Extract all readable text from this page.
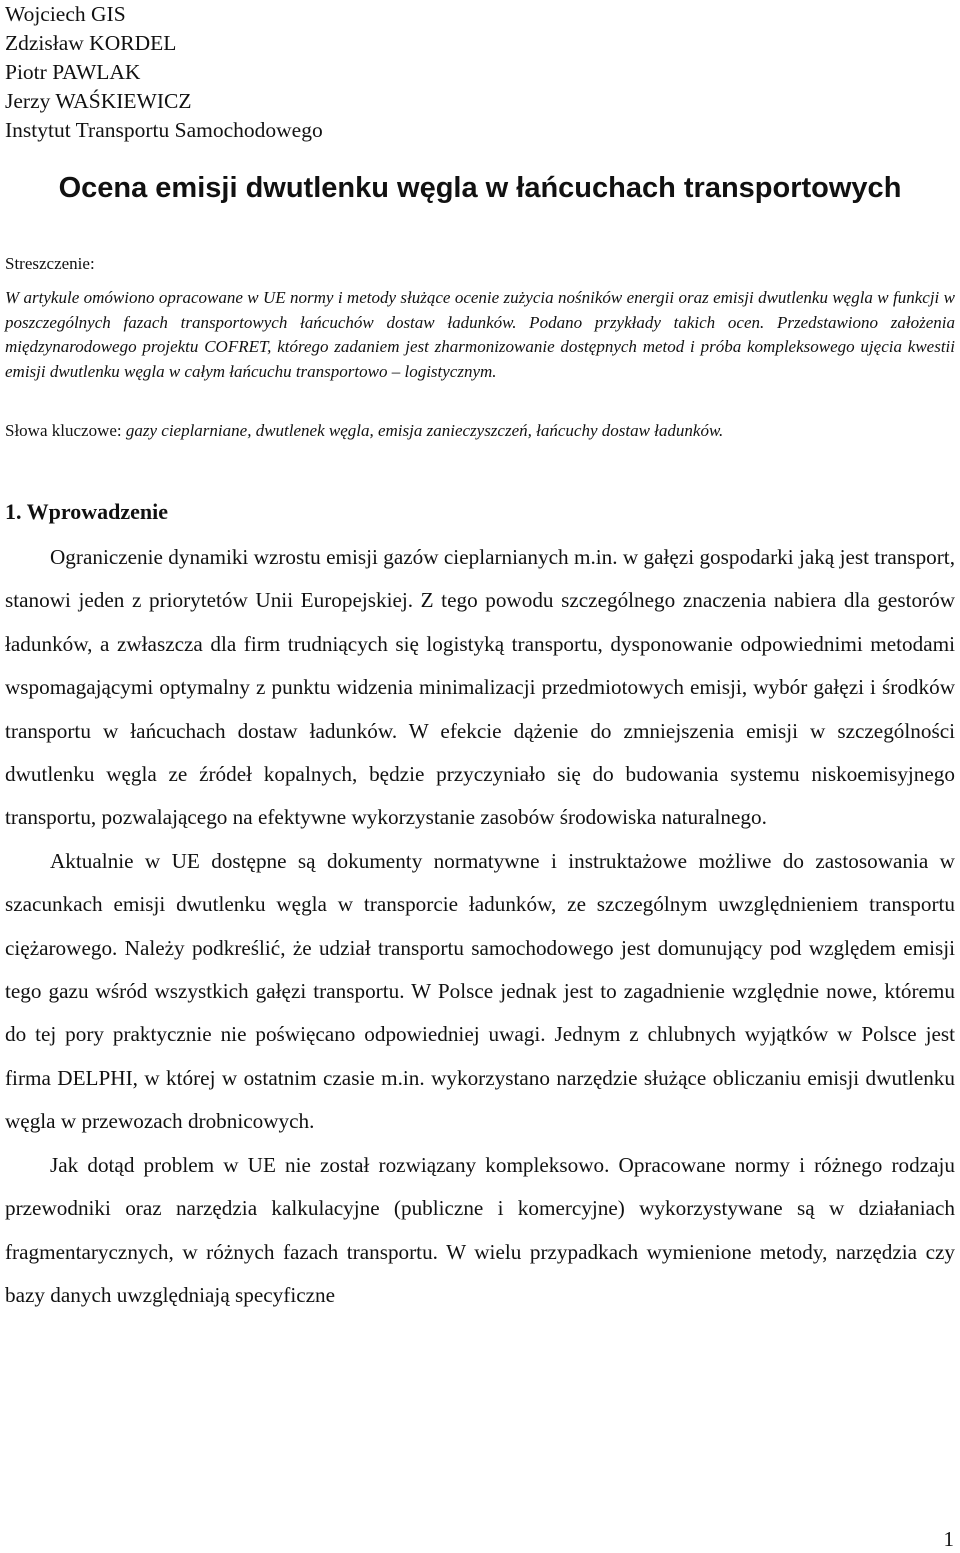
Wojciech GIS
Zdzisław KORDEL
Piotr PAWLAK
Jerzy WAŚKIEWICZ
Instytut Transportu Samochodowego
Ocena emisji dwutlenku węgla w łańcuchach transportowych
Streszczenie:

W artykule omówiono opracowane w UE normy i metody służące ocenie zużycia nośników energii oraz emisji dwutlenku węgla w funkcji w poszczególnych fazach transportowych łańcuchów dostaw ładunków. Podano przykłady takich ocen. Przedstawiono założenia międzynarodowego projektu COFRET, którego zadaniem jest zharmonizowanie dostępnych metod i próba kompleksowego ujęcia kwestii emisji dwutlenku węgla w całym łańcuchu transportowo – logistycznym.

Słowa kluczowe: gazy cieplarniane, dwutlenek węgla, emisja zanieczyszczeń, łańcuchy dostaw ładunków.

1. Wprowadzenie

Ograniczenie dynamiki wzrostu emisji gazów cieplarnianych m.in. w gałęzi gospodarki jaką jest transport, stanowi jeden z priorytetów Unii Europejskiej. Z tego powodu szczególnego znaczenia nabiera dla gestorów ładunków, a zwłaszcza dla firm trudniących się logistyką transportu, dysponowanie odpowiednimi metodami wspomagającymi optymalny z punktu widzenia minimalizacji przedmiotowych emisji, wybór gałęzi i środków transportu w łańcuchach dostaw ładunków. W efekcie dążenie do zmniejszenia emisji w szczególności dwutlenku węgla ze źródeł kopalnych, będzie przyczyniało się do budowania systemu niskoemisyjnego transportu, pozwalającego na efektywne wykorzystanie zasobów środowiska naturalnego.

Aktualnie w UE dostępne są dokumenty normatywne i instruktażowe możliwe do zastosowania w szacunkach emisji dwutlenku węgla w transporcie ładunków, ze szczególnym uwzględnieniem transportu ciężarowego. Należy podkreślić, że udział transportu samochodowego jest domunujący pod względem emisji tego gazu wśród wszystkich gałęzi transportu. W Polsce jednak jest to zagadnienie względnie nowe, któremu do tej pory praktycznie nie poświęcano odpowiedniej uwagi. Jednym z chlubnych wyjątków w Polsce jest firma DELPHI, w której w ostatnim czasie m.in. wykorzystano narzędzie służące obliczaniu emisji dwutlenku węgla w przewozach drobnicowych.

Jak dotąd problem w UE nie został rozwiązany kompleksowo. Opracowane normy i różnego rodzaju przewodniki oraz narzędzia kalkulacyjne (publiczne i komercyjne) wykorzystywane są w działaniach fragmentarycznych, w różnych fazach transportu. W wielu przypadkach wymienione metody, narzędzia czy bazy danych uwzględniają specyficzne

1
